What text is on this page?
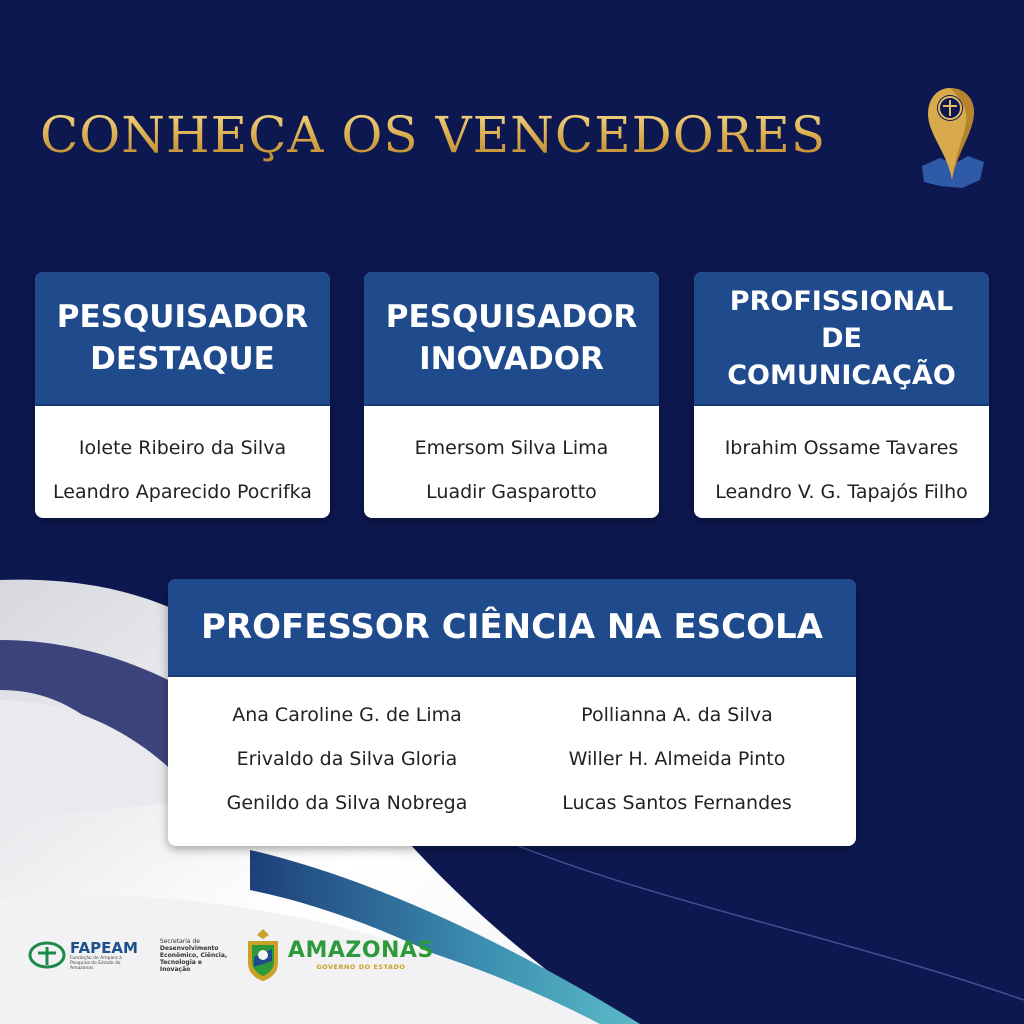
CONHEÇA OS VENCEDORES
PESQUISADOR
DESTAQUE
Iolete Ribeiro da Silva
Leandro Aparecido Pocrifka
PESQUISADOR
INOVADOR
Emersom Silva Lima
Luadir Gasparotto
PROFISSIONAL
DE
COMUNICAÇÃO
Ibrahim Ossame Tavares
Leandro V. G. Tapajós Filho
PROFESSOR CIÊNCIA NA ESCOLA
Ana Caroline G. de Lima
Erivaldo da Silva Gloria
Genildo da Silva Nobrega
Pollianna A. da Silva
Willer H. Almeida Pinto
Lucas Santos Fernandes
FAPEAM
Fundação de Amparo à Pesquisa do Estado do Amazonas
Secretaria de
Desenvolvimento
Econômico, Ciência,
Tecnologia e Inovação
AMAZONAS
GOVERNO DO ESTADO
